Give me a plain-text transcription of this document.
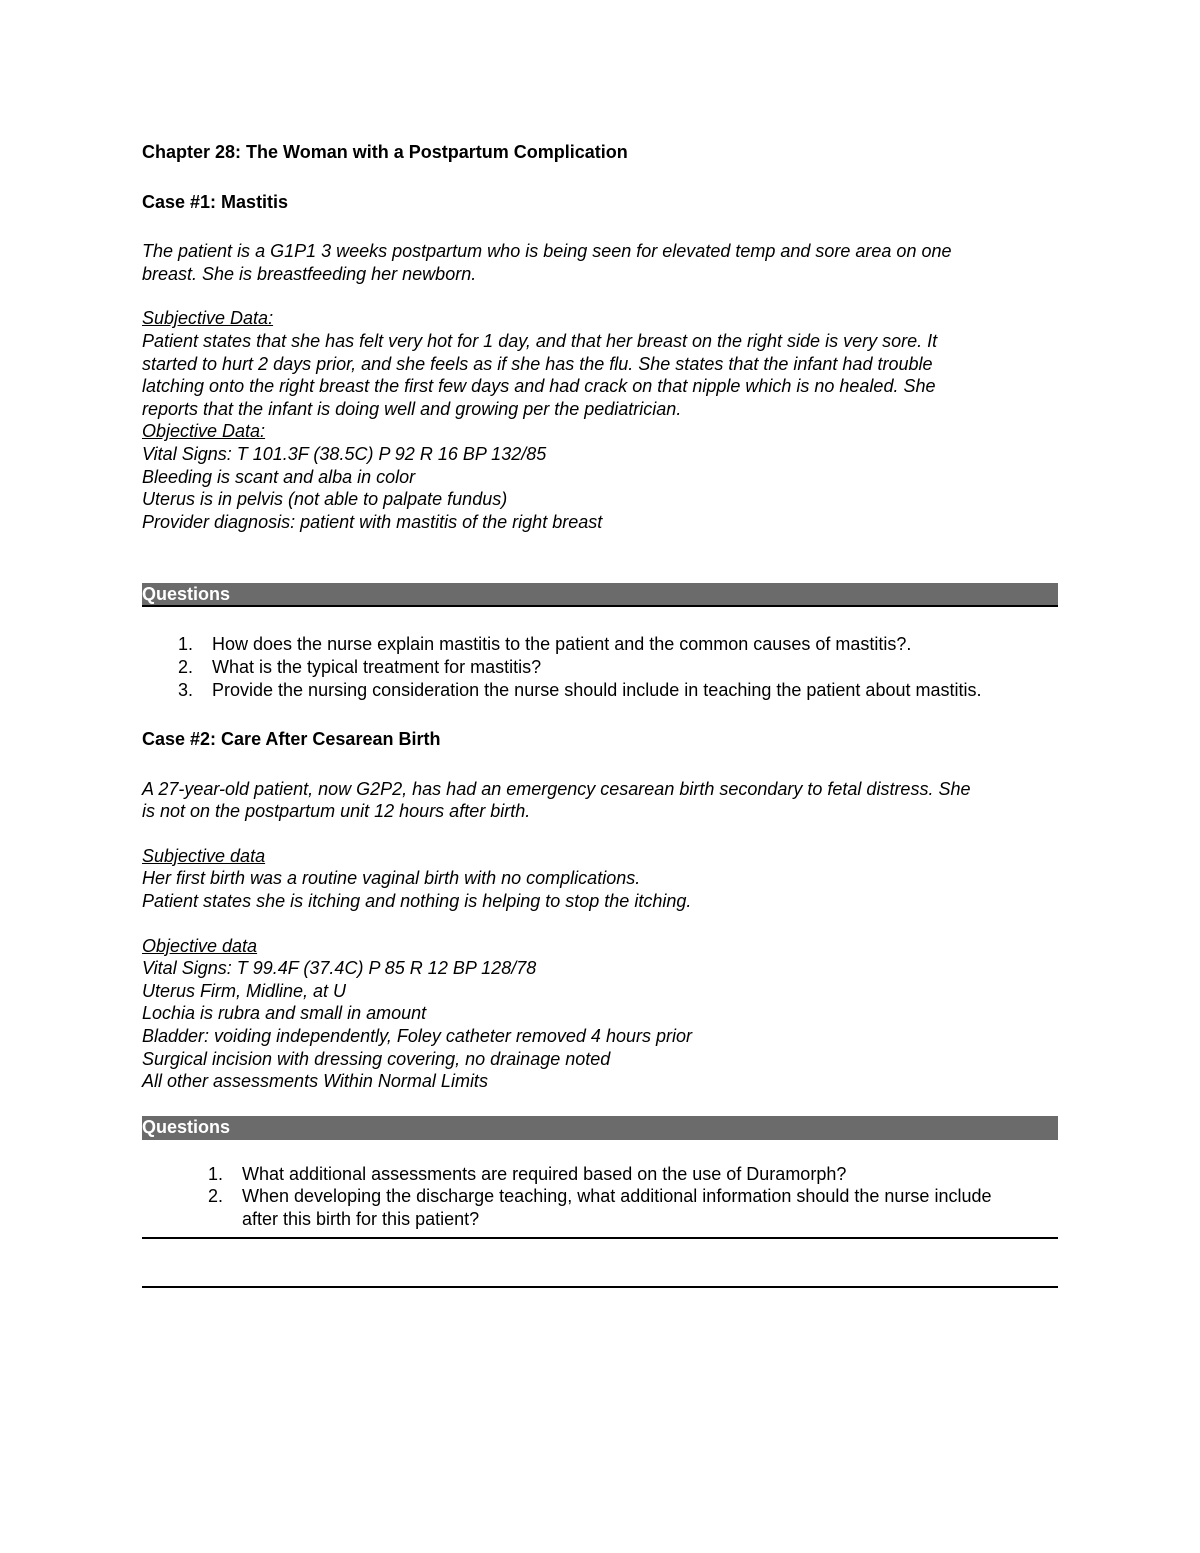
Chapter 28: The Woman with a Postpartum Complication
Case #1: Mastitis
The patient is a G1P1 3 weeks postpartum who is being seen for elevated temp and sore area on one
breast. She is breastfeeding her newborn.
Subjective Data:
Patient states that she has felt very hot for 1 day, and that her breast on the right side is very sore. It
started to hurt 2 days prior, and she feels as if she has the flu. She states that the infant had trouble
latching onto the right breast the first few days and had crack on that nipple which is no healed. She
reports that the infant is doing well and growing per the pediatrician.
Objective Data:
Vital Signs: T 101.3F (38.5C) P 92 R 16 BP 132/85
Bleeding is scant and alba in color
Uterus is in pelvis (not able to palpate fundus)
Provider diagnosis: patient with mastitis of the right breast
Questions
1.	How does the nurse explain mastitis to the patient and the common causes of mastitis?.
2.	What is the typical treatment for mastitis?
3.	Provide the nursing consideration the nurse should include in teaching the patient about mastitis.
Case #2: Care After Cesarean Birth
A 27-year-old patient, now G2P2, has had an emergency cesarean birth secondary to fetal distress. She
is not on the postpartum unit 12 hours after birth.
Subjective data
Her first birth was a routine vaginal birth with no complications.
Patient states she is itching and nothing is helping to stop the itching.
Objective data
Vital Signs: T 99.4F (37.4C) P 85 R 12 BP 128/78
Uterus Firm, Midline, at U
Lochia is rubra and small in amount
Bladder: voiding independently, Foley catheter removed 4 hours prior
Surgical incision with dressing covering, no drainage noted
All other assessments Within Normal Limits
Questions
1.	What additional assessments are required based on the use of Duramorph?
2.	When developing the discharge teaching, what additional information should the nurse include
after this birth for this patient?
